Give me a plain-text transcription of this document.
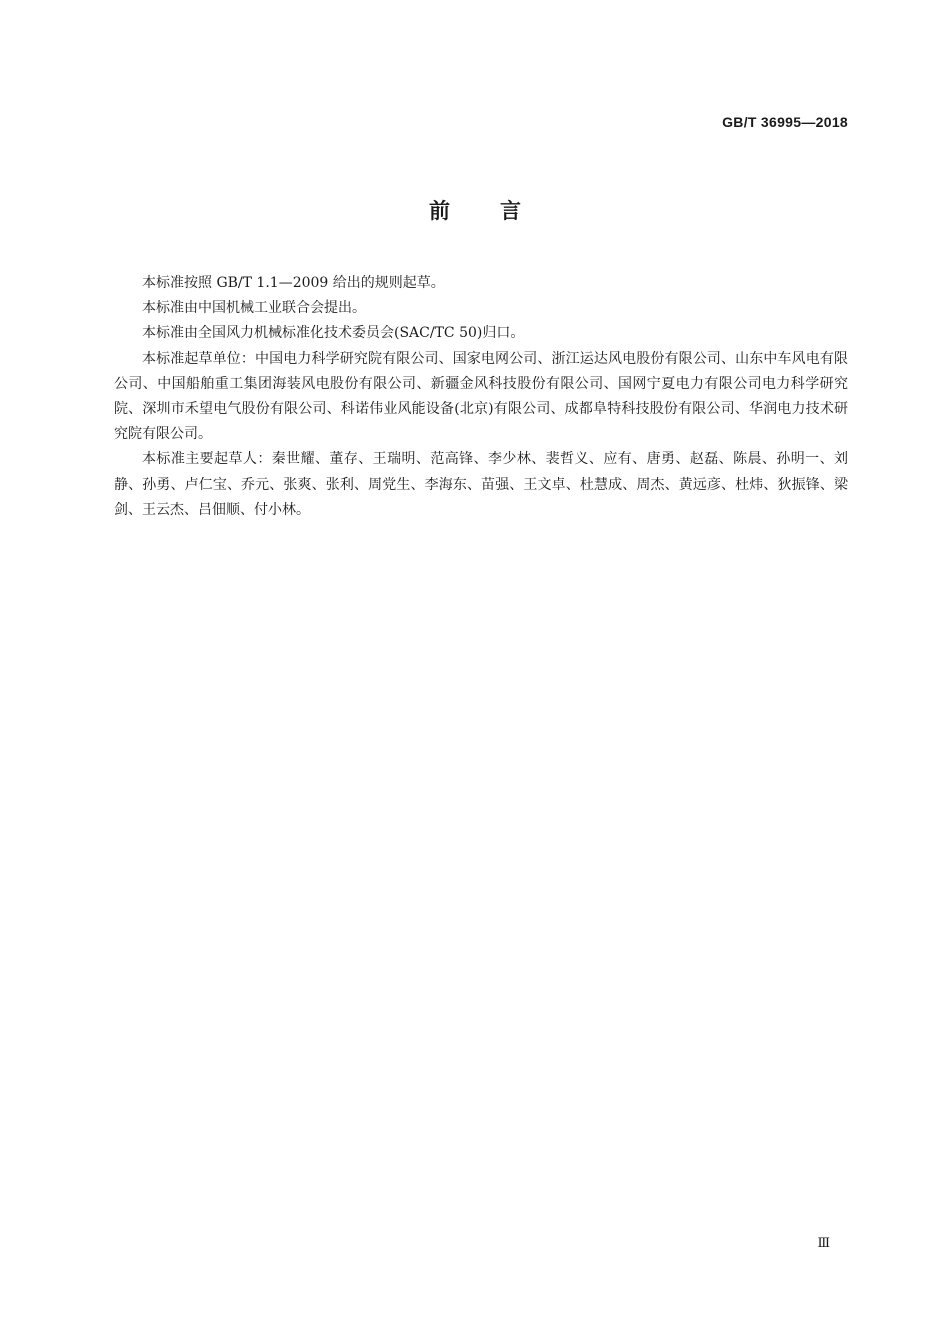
GB/T 36995—2018
前 言

本标准按照 GB/T 1.1—2009 给出的规则起草。

本标准由中国机械工业联合会提出。

本标准由全国风力机械标准化技术委员会(SAC/TC 50)归口。

本标准起草单位：中国电力科学研究院有限公司、国家电网公司、浙江运达风电股份有限公司、山东中车风电有限公司、中国船舶重工集团海装风电股份有限公司、新疆金风科技股份有限公司、国网宁夏电力有限公司电力科学研究院、深圳市禾望电气股份有限公司、科诺伟业风能设备(北京)有限公司、成都阜特科技股份有限公司、华润电力技术研究院有限公司。

本标准主要起草人：秦世耀、董存、王瑞明、范高锋、李少林、裴哲义、应有、唐勇、赵磊、陈晨、孙明一、刘静、孙勇、卢仁宝、乔元、张爽、张利、周党生、李海东、苗强、王文卓、杜慧成、周杰、黄远彦、杜炜、狄振锋、梁剑、王云杰、吕佃顺、付小林。

Ⅲ
